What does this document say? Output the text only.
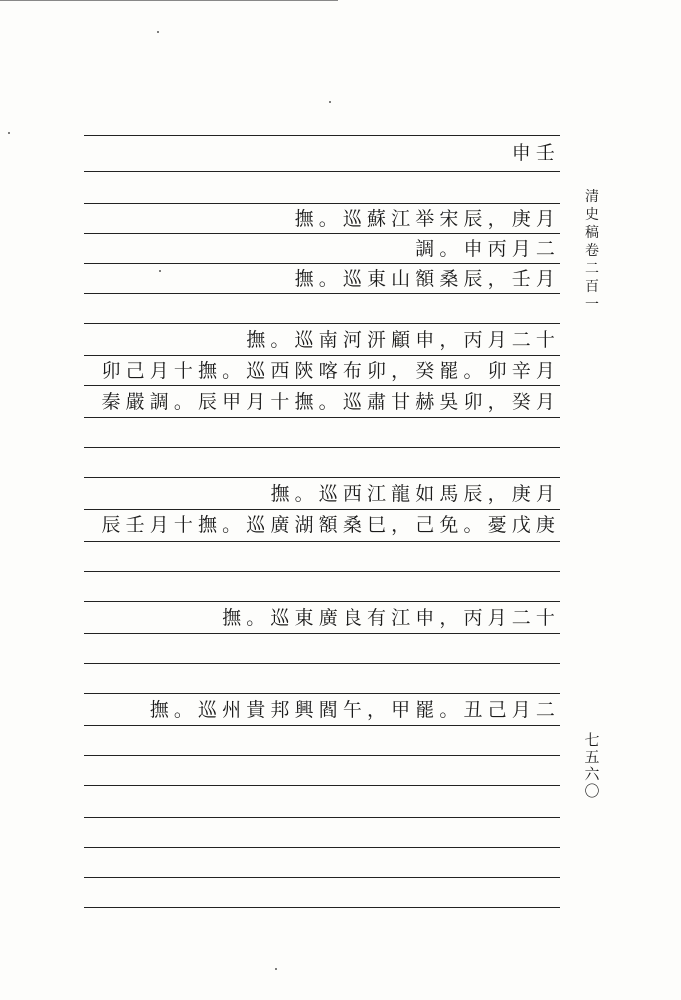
申壬
撫。巡蘇江举宋辰，庚月
調。申丙月二
撫。巡東山額桑辰，壬月
撫。巡南河汧顧申，丙月二十
卯己月十撫。巡西陝喀布卯，癸罷。卯辛月
秦嚴調。辰甲月十撫。巡肅甘赫吳卯，癸月
撫。巡西江龍如馬辰，庚月
辰壬月十撫。巡廣湖額桑巳，己免。憂戊庚
撫。巡東廣良有江申，丙月二十
撫。巡州貴邦興閻午，甲罷。丑己月二
清史稿卷二百一
七五六〇
